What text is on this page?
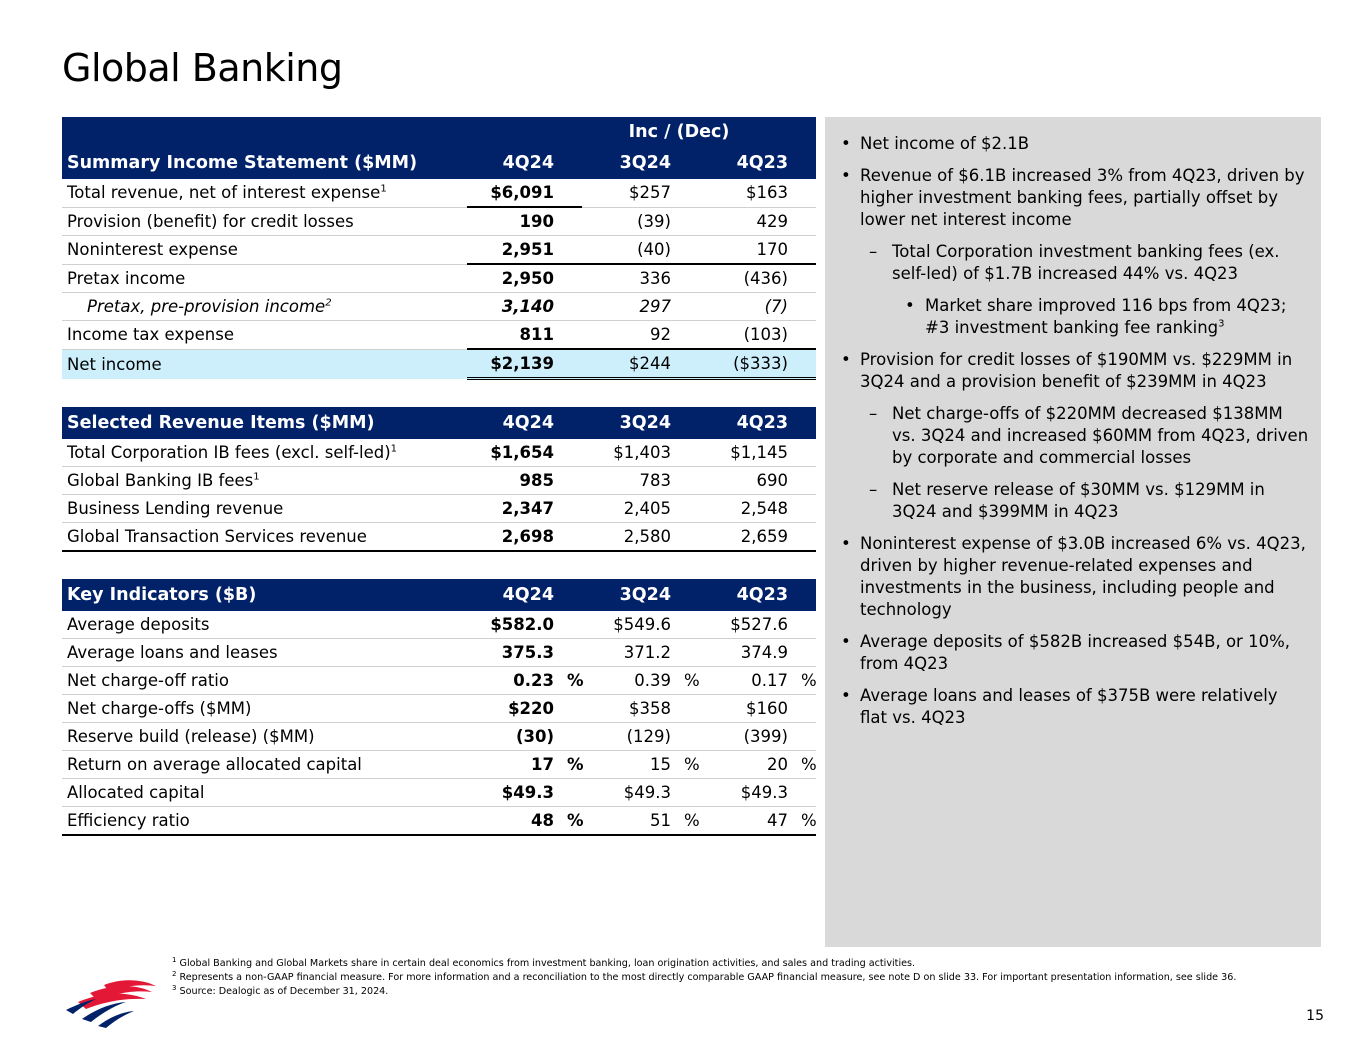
Global Banking
			Inc / (Dec)			
Summary Income Statement ($MM)	4Q24		3Q24		4Q23	
Total revenue, net of interest expense$^1$	$6,091		$257		$163	
Provision (benefit) for credit losses	190		(39)		429	
Noninterest expense	2,951		(40)		170	
Pretax income	2,950		336		(436)	
Pretax, pre-provision income$^2$	3,140		297		(7)	
Income tax expense	811		92		(103)	
Net income	$2,139		$244		($333)	
Selected Revenue Items ($MM)	4Q24		3Q24		4Q23	
Total Corporation IB fees (excl. self-led)$^1$	$1,654		$1,403		$1,145	
Global Banking IB fees$^1$	985		783		690	
Business Lending revenue	2,347		2,405		2,548	
Global Transaction Services revenue	2,698		2,580		2,659	
Key Indicators ($B)	4Q24		3Q24		4Q23	
Average deposits	$582.0		$549.6		$527.6	
Average loans and leases	375.3		371.2		374.9	
Net charge-off ratio	0.23	%	0.39	%	0.17	%
Net charge-offs ($MM)	$220		$358		$160	
Reserve build (release) ($MM)	(30)		(129)		(399)	
Return on average allocated capital	17	%	15	%	20	%
Allocated capital	$49.3		$49.3		$49.3	
Efficiency ratio	48	%	51	%	47	%
• Net income of $2.1B
• Revenue of $6.1B increased 3% from 4Q23, driven by higher investment banking fees, partially offset by lower net interest income
– Total Corporation investment banking fees (ex. self-led) of $1.7B increased 44% vs. 4Q23
• Market share improved 116 bps from 4Q23; #3 investment banking fee ranking$^3$
• Provision for credit losses of $190MM vs. $229MM in 3Q24 and a provision benefit of $239MM in 4Q23
– Net charge-offs of $220MM decreased $138MM vs. 3Q24 and increased $60MM from 4Q23, driven by corporate and commercial losses
– Net reserve release of $30MM vs. $129MM in 3Q24 and $399MM in 4Q23
• Noninterest expense of $3.0B increased 6% vs. 4Q23, driven by higher revenue-related expenses and investments in the business, including people and technology
• Average deposits of $582B increased $54B, or 10%, from 4Q23
• Average loans and leases of $375B were relatively flat vs. 4Q23
$^1$ Global Banking and Global Markets share in certain deal economics from investment banking, loan origination activities, and sales and trading activities.
$^2$ Represents a non-GAAP financial measure. For more information and a reconciliation to the most directly comparable GAAP financial measure, see note D on slide 33. For important presentation information, see slide 36.
$^3$ Source: Dealogic as of December 31, 2024.
15
